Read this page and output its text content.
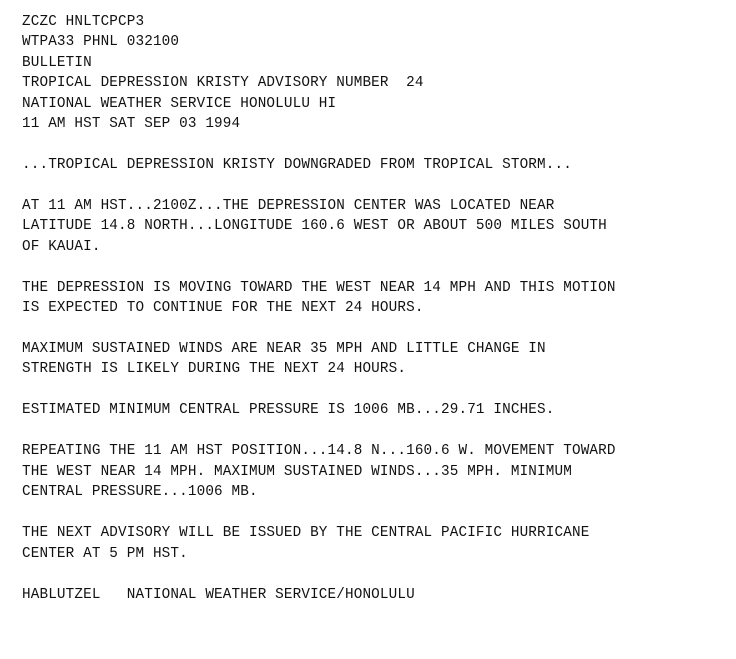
ZCZC HNLTCPCP3
WTPA33 PHNL 032100
BULLETIN
TROPICAL DEPRESSION KRISTY ADVISORY NUMBER  24
NATIONAL WEATHER SERVICE HONOLULU HI
11 AM HST SAT SEP 03 1994
...TROPICAL DEPRESSION KRISTY DOWNGRADED FROM TROPICAL STORM...
AT 11 AM HST...2100Z...THE DEPRESSION CENTER WAS LOCATED NEAR
LATITUDE 14.8 NORTH...LONGITUDE 160.6 WEST OR ABOUT 500 MILES SOUTH
OF KAUAI.
THE DEPRESSION IS MOVING TOWARD THE WEST NEAR 14 MPH AND THIS MOTION
IS EXPECTED TO CONTINUE FOR THE NEXT 24 HOURS.
MAXIMUM SUSTAINED WINDS ARE NEAR 35 MPH AND LITTLE CHANGE IN
STRENGTH IS LIKELY DURING THE NEXT 24 HOURS.
ESTIMATED MINIMUM CENTRAL PRESSURE IS 1006 MB...29.71 INCHES.
REPEATING THE 11 AM HST POSITION...14.8 N...160.6 W. MOVEMENT TOWARD
THE WEST NEAR 14 MPH. MAXIMUM SUSTAINED WINDS...35 MPH. MINIMUM
CENTRAL PRESSURE...1006 MB.
THE NEXT ADVISORY WILL BE ISSUED BY THE CENTRAL PACIFIC HURRICANE
CENTER AT 5 PM HST.
HABLUTZEL   NATIONAL WEATHER SERVICE/HONOLULU
